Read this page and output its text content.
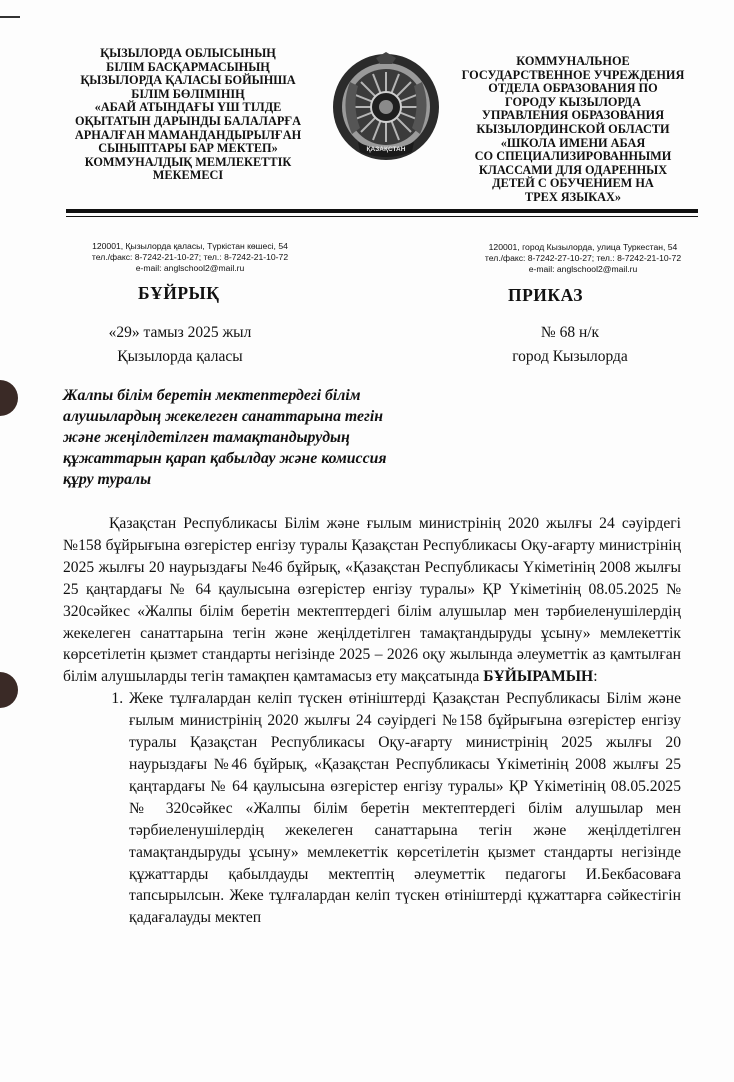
ҚЫЗЫЛОРДА ОБЛЫСЫНЫҢ
БІЛІМ БАСҚАРМАСЫНЫҢ
ҚЫЗЫЛОРДА ҚАЛАСЫ БОЙЫНША
БІЛІМ БӨЛІМІНІҢ
«АБАЙ АТЫНДАҒЫ ҮШ ТІЛДЕ
ОҚЫТАТЫН ДАРЫНДЫ БАЛАЛАРҒА
АРНАЛҒАН МАМАНДАНДЫРЫЛҒАН
СЫНЫПТАРЫ БАР МЕКТЕП»
КОММУНАЛДЫҚ МЕМЛЕКЕТТІК
МЕКЕМЕСІ
ҚАЗАҚСТАН
КОММУНАЛЬНОЕ
ГОСУДАРСТВЕННОЕ УЧРЕЖДЕНИЯ
ОТДЕЛА ОБРАЗОВАНИЯ ПО
ГОРОДУ КЫЗЫЛОРДА
УПРАВЛЕНИЯ ОБРАЗОВАНИЯ
КЫЗЫЛОРДИНСКОЙ ОБЛАСТИ
«ШКОЛА ИМЕНИ АБАЯ
СО СПЕЦИАЛИЗИРОВАННЫМИ
КЛАССАМИ ДЛЯ ОДАРЕННЫХ
ДЕТЕЙ С ОБУЧЕНИЕМ НА
ТРЕХ ЯЗЫКАХ»
120001, Қызылорда қаласы, Түркістан көшесі, 54
тел./факс: 8-7242-21-10-27; тел.: 8-7242-21-10-72
e-mail: anglschool2@mail.ru
120001, город Кызылорда, улица Туркестан, 54
тел./факс: 8-7242-27-10-27; тел.: 8-7242-21-10-72
e-mail: anglschool2@mail.ru
БҰЙРЫҚ	ПРИКАЗ
«29» тамыз 2025 жыл
Қызылорда қаласы
№ 68 н/к
город Кызылорда
Жалпы білім беретін мектептердегі білім алушылардың жекелеген санаттарына тегін және жеңілдетілген тамақтандырудың құжаттарын қарап қабылдау және комиссия құру туралы

Қазақстан Республикасы Білім және ғылым министрінің 2020 жылғы 24 сәуірдегі №158 бұйрығына өзгерістер енгізу туралы Қазақстан Республикасы Оқу-ағарту министрінің 2025 жылғы 20 наурыздағы №46 бұйрық, «Қазақстан Республикасы Үкіметінің 2008 жылғы 25 қаңтардағы № 64 қаулысына өзгерістер енгізу туралы» ҚР Үкіметінің 08.05.2025 № 320сәйкес «Жалпы білім беретін мектептердегі білім алушылар мен тәрбиеленушілердің жекелеген санаттарына тегін және жеңілдетілген тамақтандыруды ұсыну» мемлекеттік көрсетілетін қызмет стандарты негізінде 2025 – 2026 оқу жылында әлеуметтік аз қамтылған білім алушыларды тегін тамақпен қамтамасыз ету мақсатында БҰЙЫРАМЫН:

1. Жеке тұлғалардан келіп түскен өтініштерді Қазақстан Республикасы Білім және ғылым министрінің 2020 жылғы 24 сәуірдегі №158 бұйрығына өзгерістер енгізу туралы Қазақстан Республикасы Оқу-ағарту министрінің 2025 жылғы 20 наурыздағы №46 бұйрық, «Қазақстан Республикасы Үкіметінің 2008 жылғы 25 қаңтардағы № 64 қаулысына өзгерістер енгізу туралы» ҚР Үкіметінің 08.05.2025 № 320сәйкес «Жалпы білім беретін мектептердегі білім алушылар мен тәрбиеленушілердің жекелеген санаттарына тегін және жеңілдетілген тамақтандыруды ұсыну» мемлекеттік көрсетілетін қызмет стандарты негізінде құжаттарды қабылдауды мектептің әлеуметтік педагогы И.Бекбасоваға тапсырылсын. Жеке тұлғалардан келіп түскен өтініштерді құжаттарға сәйкестігін қадағалауды мектеп
